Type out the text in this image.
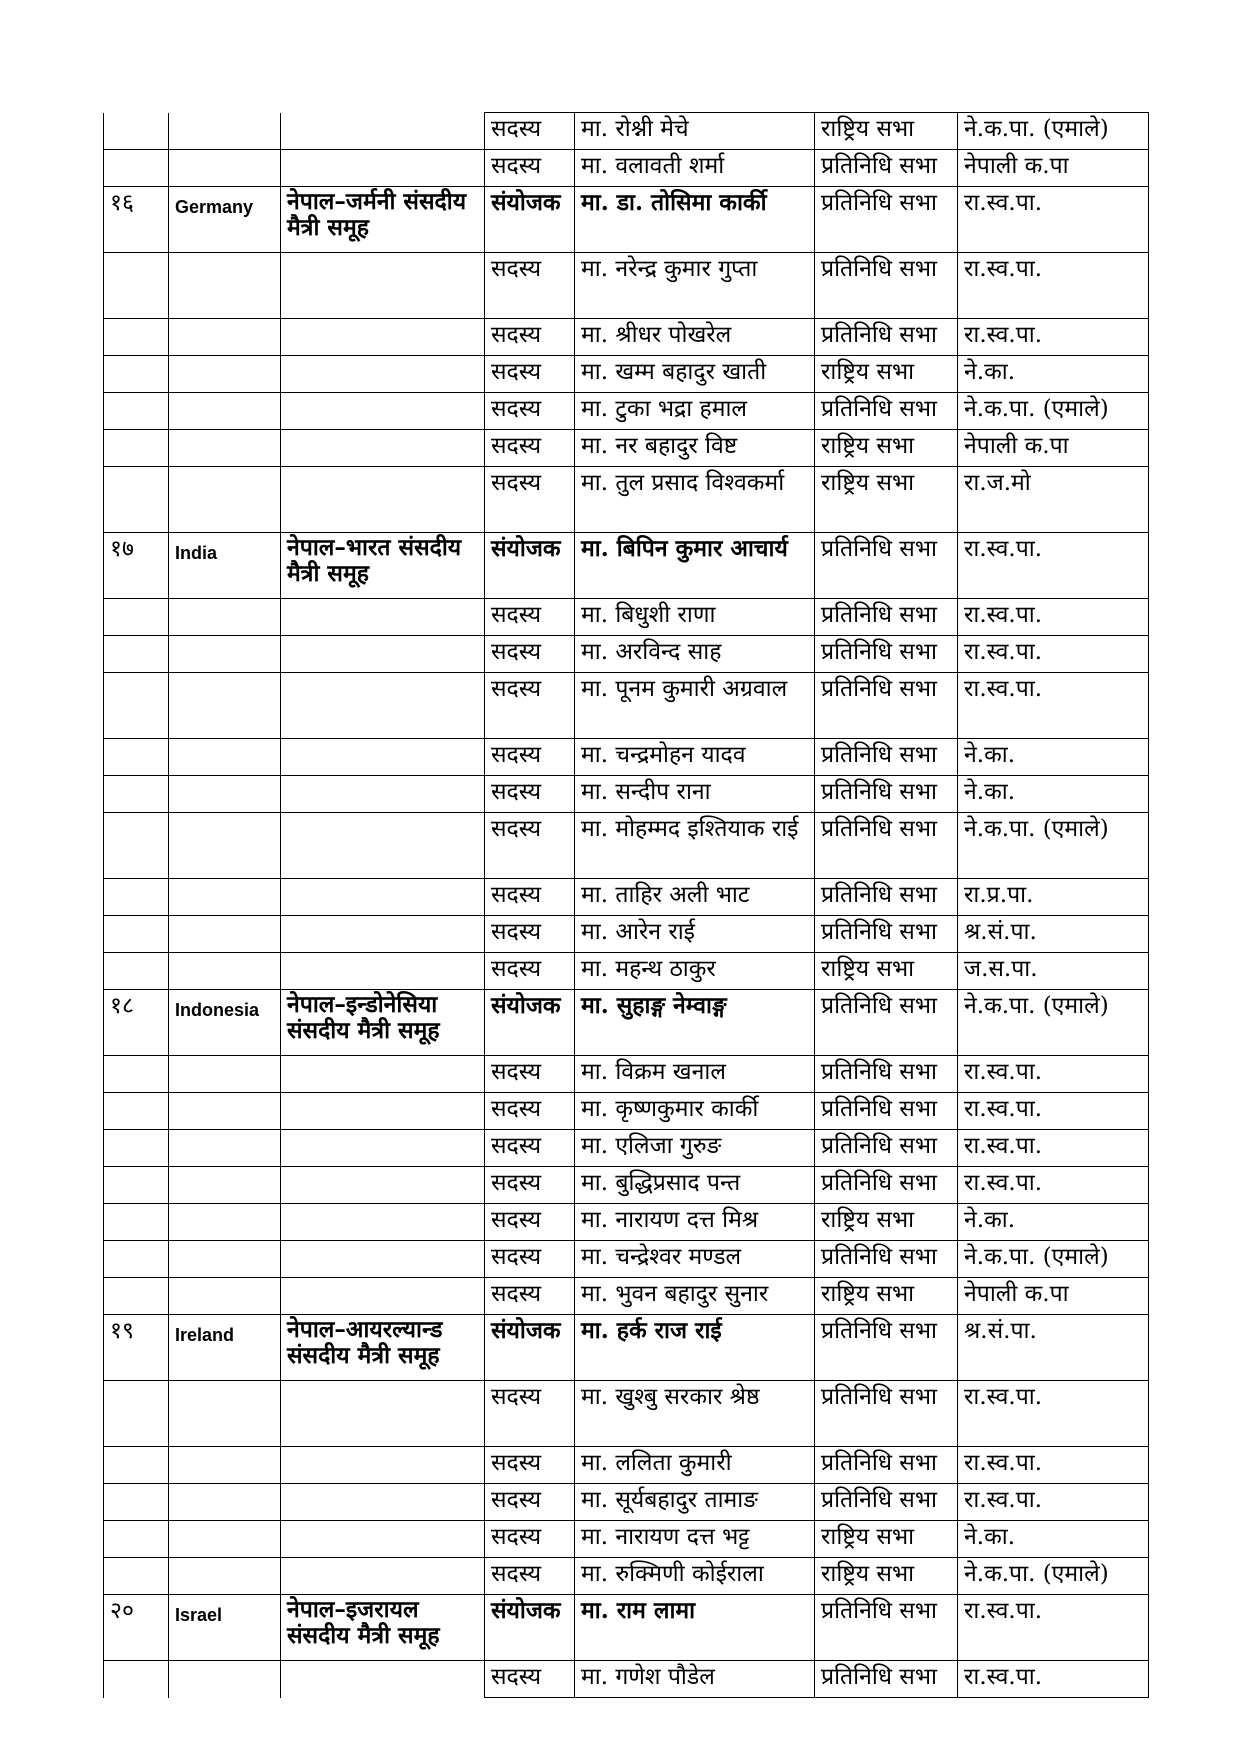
			सदस्य	मा. रोश्नी मेचे	राष्ट्रिय सभा	ने.क.पा. (एमाले)
			सदस्य	मा. वलावती शर्मा	प्रतिनिधि सभा	नेपाली क.पा
१६	Germany	नेपाल–जर्मनी संसदीय मैत्री समूह	संयोजक	मा. डा. तोसिमा कार्की	प्रतिनिधि सभा	रा.स्व.पा.
			सदस्य	मा. नरेन्द्र कुमार गुप्ता	प्रतिनिधि सभा	रा.स्व.पा.
			सदस्य	मा. श्रीधर पोखरेल	प्रतिनिधि सभा	रा.स्व.पा.
			सदस्य	मा. खम्म बहादुर खाती	राष्ट्रिय सभा	ने.का.
			सदस्य	मा. टुका भद्रा हमाल	प्रतिनिधि सभा	ने.क.पा. (एमाले)
			सदस्य	मा. नर बहादुर विष्ट	राष्ट्रिय सभा	नेपाली क.पा
			सदस्य	मा. तुल प्रसाद विश्वकर्मा	राष्ट्रिय सभा	रा.ज.मो
१७	India	नेपाल–भारत संसदीय मैत्री समूह	संयोजक	मा. बिपिन कुमार आचार्य	प्रतिनिधि सभा	रा.स्व.पा.
			सदस्य	मा. बिधुशी राणा	प्रतिनिधि सभा	रा.स्व.पा.
			सदस्य	मा. अरविन्द साह	प्रतिनिधि सभा	रा.स्व.पा.
			सदस्य	मा. पूनम कुमारी अग्रवाल	प्रतिनिधि सभा	रा.स्व.पा.
			सदस्य	मा. चन्द्रमोहन यादव	प्रतिनिधि सभा	ने.का.
			सदस्य	मा. सन्दीप राना	प्रतिनिधि सभा	ने.का.
			सदस्य	मा. मोहम्मद इश्तियाक राई	प्रतिनिधि सभा	ने.क.पा. (एमाले)
			सदस्य	मा. ताहिर अली भाट	प्रतिनिधि सभा	रा.प्र.पा.
			सदस्य	मा. आरेन राई	प्रतिनिधि सभा	श्र.सं.पा.
			सदस्य	मा. महन्थ ठाकुर	राष्ट्रिय सभा	ज.स.पा.
१८	Indonesia	नेपाल–इन्डोनेसिया संसदीय मैत्री समूह	संयोजक	मा. सुहाङ्ग नेम्वाङ्ग	प्रतिनिधि सभा	ने.क.पा. (एमाले)
			सदस्य	मा. विक्रम खनाल	प्रतिनिधि सभा	रा.स्व.पा.
			सदस्य	मा. कृष्णकुमार कार्की	प्रतिनिधि सभा	रा.स्व.पा.
			सदस्य	मा. एलिजा गुरुङ	प्रतिनिधि सभा	रा.स्व.पा.
			सदस्य	मा. बुद्धिप्रसाद पन्त	प्रतिनिधि सभा	रा.स्व.पा.
			सदस्य	मा. नारायण दत्त मिश्र	राष्ट्रिय सभा	ने.का.
			सदस्य	मा. चन्द्रेश्वर मण्डल	प्रतिनिधि सभा	ने.क.पा. (एमाले)
			सदस्य	मा. भुवन बहादुर सुनार	राष्ट्रिय सभा	नेपाली क.पा
१९	Ireland	नेपाल–आयरल्यान्ड संसदीय मैत्री समूह	संयोजक	मा. हर्क राज राई	प्रतिनिधि सभा	श्र.सं.पा.
			सदस्य	मा. खुश्बु सरकार श्रेष्ठ	प्रतिनिधि सभा	रा.स्व.पा.
			सदस्य	मा. ललिता कुमारी	प्रतिनिधि सभा	रा.स्व.पा.
			सदस्य	मा. सूर्यबहादुर तामाङ	प्रतिनिधि सभा	रा.स्व.पा.
			सदस्य	मा. नारायण दत्त भट्ट	राष्ट्रिय सभा	ने.का.
			सदस्य	मा. रुक्मिणी कोईराला	राष्ट्रिय सभा	ने.क.पा. (एमाले)
२०	Israel	नेपाल–इजरायल संसदीय मैत्री समूह	संयोजक	मा. राम लामा	प्रतिनिधि सभा	रा.स्व.पा.
			सदस्य	मा. गणेश पौडेल	प्रतिनिधि सभा	रा.स्व.पा.
